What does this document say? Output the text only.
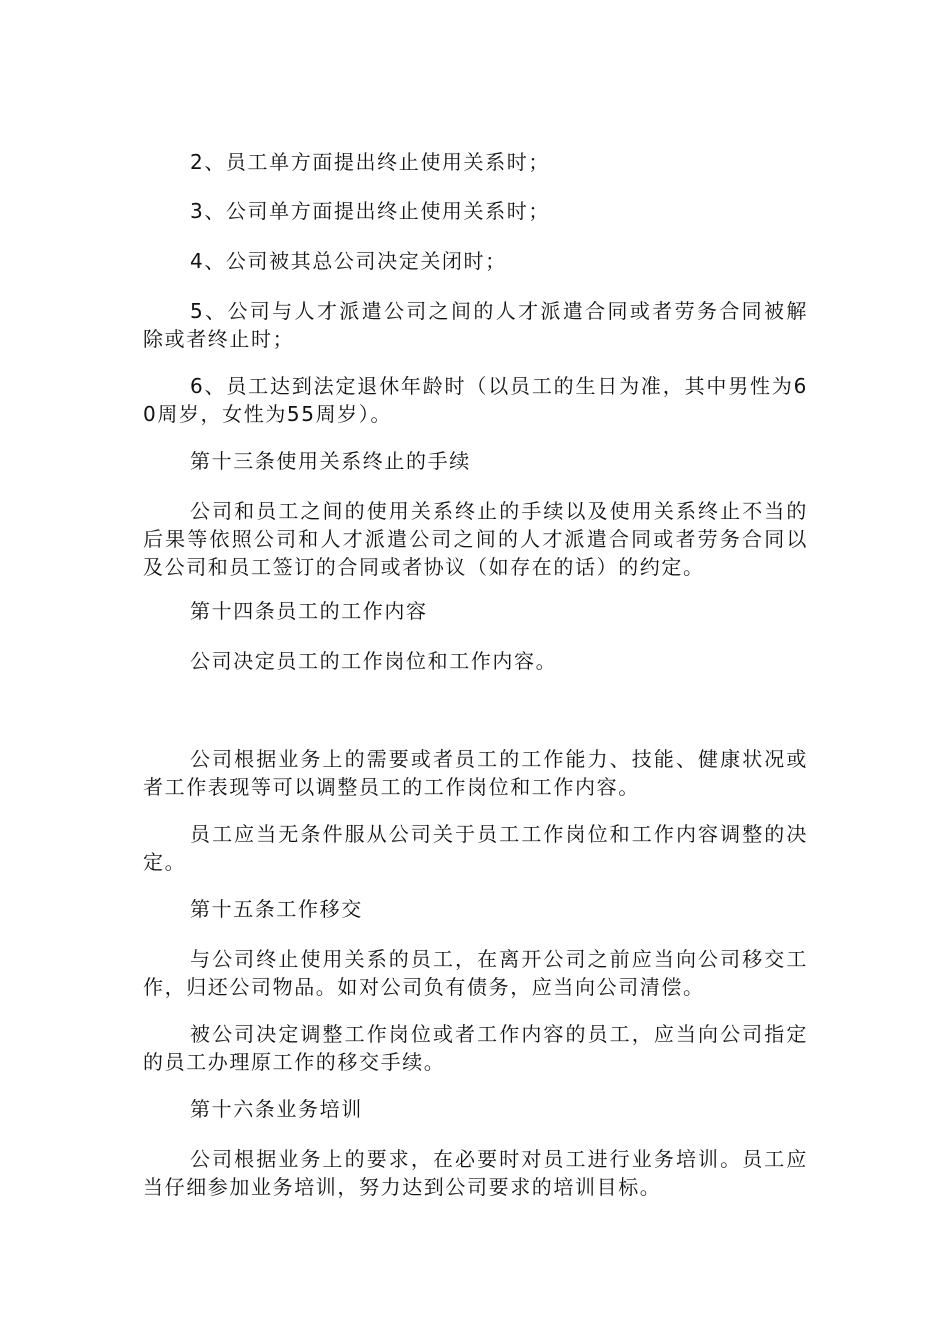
2、员工单方面提出终止使用关系时；

3、公司单方面提出终止使用关系时；

4、公司被其总公司决定关闭时；

5、公司与人才派遣公司之间的人才派遣合同或者劳务合同被解除或者终止时；

6、员工达到法定退休年龄时（以员工的生日为准，其中男性为60周岁，女性为55周岁）。

第十三条使用关系终止的手续

公司和员工之间的使用关系终止的手续以及使用关系终止不当的后果等依照公司和人才派遣公司之间的人才派遣合同或者劳务合同以及公司和员工签订的合同或者协议（如存在的话）的约定。

第十四条员工的工作内容

公司决定员工的工作岗位和工作内容。

公司根据业务上的需要或者员工的工作能力、技能、健康状况或者工作表现等可以调整员工的工作岗位和工作内容。

员工应当无条件服从公司关于员工工作岗位和工作内容调整的决定。

第十五条工作移交

与公司终止使用关系的员工，在离开公司之前应当向公司移交工作，归还公司物品。如对公司负有债务，应当向公司清偿。

被公司决定调整工作岗位或者工作内容的员工，应当向公司指定的员工办理原工作的移交手续。

第十六条业务培训

公司根据业务上的要求，在必要时对员工进行业务培训。员工应当仔细参加业务培训，努力达到公司要求的培训目标。
